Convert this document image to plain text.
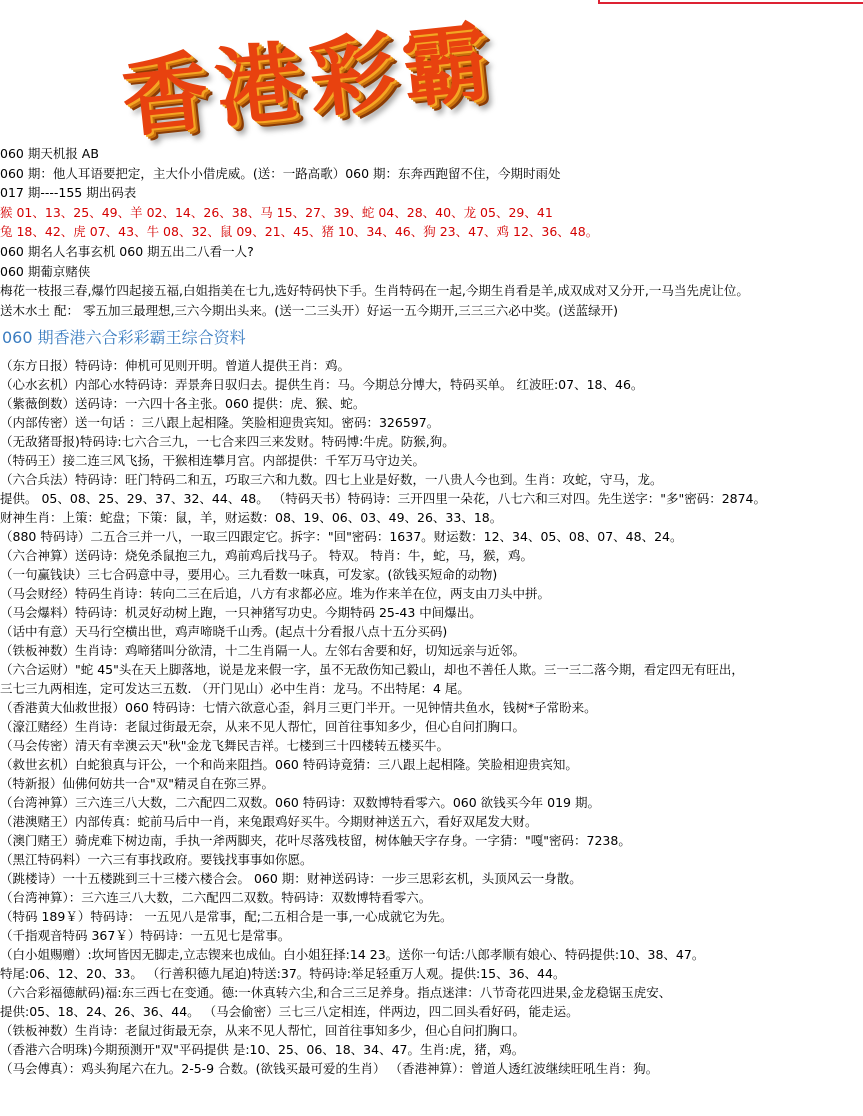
香港彩霸
060 期天机报 AB
060 期：他人耳语要把定，主大仆小借虎威。(送：一路高歌）060 期：东奔西跑留不住，今期时雨处
017 期----155 期出码表
猴 01、13、25、49、羊 02、14、26、38、马 15、27、39、蛇 04、28、40、龙 05、29、41
兔 18、42、虎 07、43、牛 08、32、鼠 09、21、45、猪 10、34、46、狗 23、47、鸡 12、36、48。
060 期名人名事玄机 060 期五出二八看一人?
060 期葡京赌侠
梅花一枝报三春,爆竹四起接五福,白姐指美在七九,选好特码快下手。生肖特码在一起,今期生肖看是羊,成双成对又分开,一马当先虎让位。
送木水土 配： 零五加三最理想,三六今期出头来。(送一二三头开）好运一五今期开,三三三六必中奖。(送蓝绿开)
060 期香港六合彩彩霸王综合资料
（东方日报）特码诗：伸机可见则开明。曾道人提供王肖：鸡。
（心水玄机）内部心水特码诗：弄景奔日驭归去。提供生肖：马。今期总分博大，特码买单。 红波旺:07、18、46。
（紫薇倒数）送码诗：一六四十各主张。060 提供：虎、猴、蛇。
（内部传密）送一句话 ：三八跟上起相隆。笑脸相迎贵宾知。密码：326597。
（无敌猪哥报)特码诗:七六合三九，一七合来四三来发财。特码博:牛虎。防猴,狗。
（特码王）接二连三风飞扬，干猴相连攀月宫。内部提供：千军万马守边关。
（六合兵法）特码诗：旺门特码二和五，巧取三六和九数。四七上业是好数，一八贵人今也到。生肖：攻蛇，守马，龙。
提供。 05、08、25、29、37、32、44、48。 （特码天书）特码诗：三开四里一朵花，八七六和三对四。先生送字："多"密码：2874。
财神生肖：上策：蛇盘；下策：鼠，羊，财运数：08、19、06、03、49、26、33、18。
（880 特码诗）二五合三并一八，一取三四跟定它。拆字："回"密码：1637。财运数：12、34、05、08、07、48、24。
（六合神算）送码诗：烧免杀鼠抱三九，鸡前鸡后找马子。 特双。 特肖：牛，蛇，马，猴，鸡。
（一句赢钱诀）三七合码意中寻，要用心。三九看数一味真，可发家。(欲钱买短命的动物)
（马会财经）特码生肖诗：转向二三在后追，八方有求都必应。堆为作来羊在位，两支由刀头中拼。
（马会爆料）特码诗：机灵好动树上跑，一只神猪写功史。今期特码 25-43 中间爆出。
（话中有意）天马行空横出世，鸡声啼晓千山秀。(起点十分看报八点十五分买码)
（铁板神数）生肖诗：鸡啼猪叫分欲清，十二生肖隔一人。左邻右舍要和好，切知远亲与近邻。
（六合运财）"蛇 45"头在天上脚落地，说是龙来假一字，虽不无敌伤知己毅山，却也不善任人欺。三一三二落今期，看定四无有旺出，
三七三九两相连，定可发达三五数. （开门见山）必中生肖：龙马。不出特尾：4 尾。
（香港黄大仙救世报）060 特码诗：七情六欲意心歪，斜月三更门半开。一见钟情共鱼水，钱树*子常盼来。
（濠江赌经）生肖诗：老鼠过街最无奈，从来不见人帮忙，回首往事知多少，但心自问扪胸口。
（马会传密）清天有幸澳云天"秋"金龙飞舞民吉祥。七楼到三十四楼转五楼买牛。
（救世玄机）白蛇狼真与讦公，一个和尚来阻挡。060 特码诗竟猜：三八跟上起相隆。笑脸相迎贵宾知。
（特新报）仙佛何妨共一合"双"精灵自在弥三界。
（台湾神算）三六连三八大数，二六配四二双数。060 特码诗：双数博特看零六。060 欲钱买今年 019 期。
（港澳赌王）内部传真：蛇前马后中一肖，来兔跟鸡好买牛。今期财神送五六，看好双尾发大财。
（澳门赌王）骑虎难下树边南，手执一斧两脚夹，花叶尽落残枝留，树体触天字存身。一字猜："嘎"密码：7238。
（黑江特码料）一六三有事找政府。要钱找事事如你愿。
（跳楼诗）一十五楼跳到三十三楼六楼合会。 060 期：财神送码诗：一步三思彩玄机，头顶风云一身散。
（台湾神算）：三六连三八大数，二六配四二双数。特码诗：双数博特看零六。
（特码 189￥）特码诗： 一五见八是常事，配;二五相合是一事,一心成就它为先。
（千指观音特码 367￥）特码诗：一五见七是常事。
（白小姐赐赠）:坎坷皆因无脚走,立志锲来也成仙。白小姐狂择:14 23。送你一句话:八郎孝顺有娘心、特码提供:10、38、47。
特尾:06、12、20、33。 （行善积德九尾迫)特送:37。特码诗:举足轻重万人观。提供:15、36、44。
（六合彩福德献码)福:东三西七在变通。德:一休真转六尘,和合三三足养身。指点迷津：八节奇花四进果,金龙稳锯玉虎安、
提供:05、18、24、26、36、44。 （马会偷密）三七三八定相连，伴两边，四二回头看好码，能走运。
（铁板神数）生肖诗：老鼠过街最无奈，从来不见人帮忙，回首往事知多少，但心自问扪胸口。
（香港六合明珠)今期预测开"双"平码提供 是:10、25、06、18、34、47。生肖:虎，猪，鸡。
（马会傅真）：鸡头狗尾六在九。2-5-9 合数。(欲钱买最可爱的生肖） （香港神算）：曾道人透红波继续旺吼生肖：狗。
